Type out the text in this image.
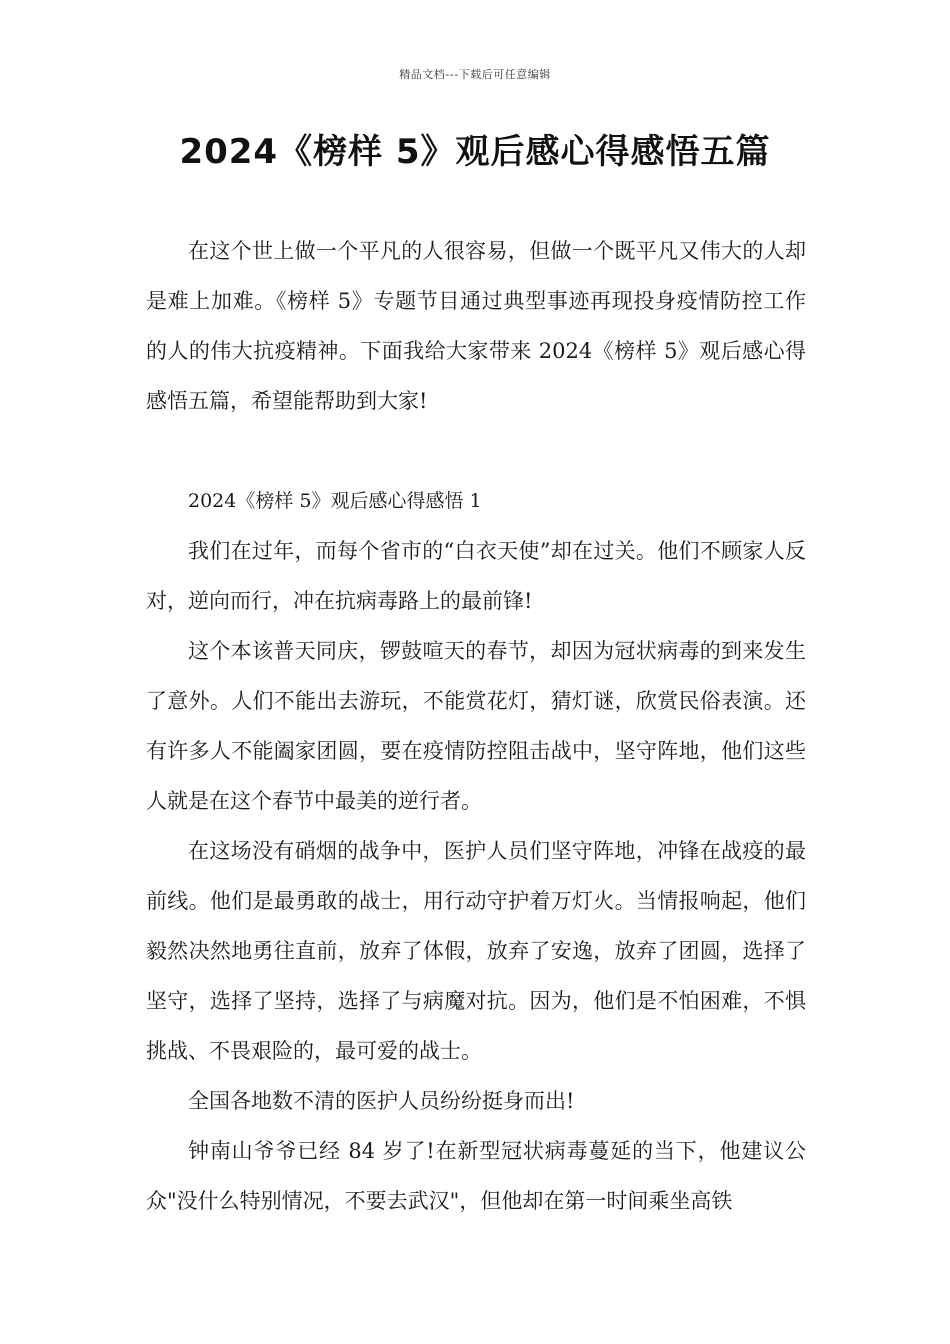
精品文档---下载后可任意编辑
2024《榜样 5》观后感心得感悟五篇

在这个世上做一个平凡的人很容易，但做一个既平凡又伟大的人却是难上加难。《榜样 5》专题节目通过典型事迹再现投身疫情防控工作的人的伟大抗疫精神。下面我给大家带来 2024《榜样 5》观后感心得感悟五篇，希望能帮助到大家!

2024《榜样 5》观后感心得感悟 1

我们在过年，而每个省市的“白衣天使”却在过关。他们不顾家人反对，逆向而行，冲在抗病毒路上的最前锋!

这个本该普天同庆，锣鼓喧天的春节，却因为冠状病毒的到来发生了意外。人们不能出去游玩，不能赏花灯，猜灯谜，欣赏民俗表演。还有许多人不能阖家团圆，要在疫情防控阻击战中，坚守阵地，他们这些人就是在这个春节中最美的逆行者。

在这场没有硝烟的战争中，医护人员们坚守阵地，冲锋在战疫的最前线。他们是最勇敢的战士，用行动守护着万灯火。当情报响起，他们毅然决然地勇往直前，放弃了体假，放弃了安逸，放弃了团圆，选择了坚守，选择了坚持，选择了与病魔对抗。因为，他们是不怕困难，不惧挑战、不畏艰险的，最可爱的战士。

全国各地数不清的医护人员纷纷挺身而出!

钟南山爷爷已经 84 岁了!在新型冠状病毒蔓延的当下，他建议公众"没什么特别情况，不要去武汉"，但他却在第一时间乘坐高铁
